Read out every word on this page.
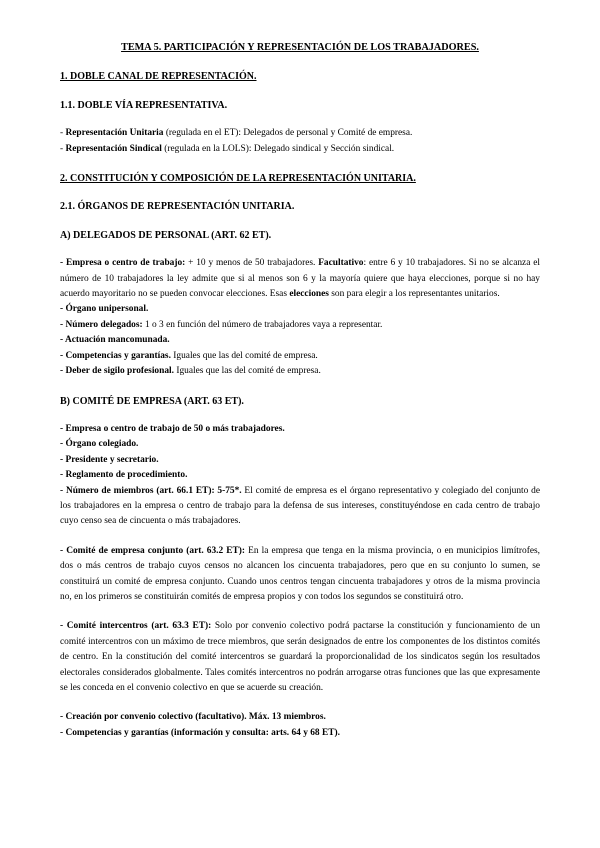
TEMA 5. PARTICIPACIÓN Y REPRESENTACIÓN DE LOS TRABAJADORES.

1. DOBLE CANAL DE REPRESENTACIÓN.

1.1. DOBLE VÍA REPRESENTATIVA.

- Representación Unitaria (regulada en el ET): Delegados de personal y Comité de empresa.

- Representación Sindical (regulada en la LOLS): Delegado sindical y Sección sindical.

2. CONSTITUCIÓN Y COMPOSICIÓN DE LA REPRESENTACIÓN UNITARIA.

2.1. ÓRGANOS DE REPRESENTACIÓN UNITARIA.

A) DELEGADOS DE PERSONAL (ART. 62 ET).

- Empresa o centro de trabajo: + 10 y menos de 50 trabajadores. Facultativo: entre 6 y 10 trabajadores. Si no se alcanza el número de 10 trabajadores la ley admite que si al menos son 6 y la mayoría quiere que haya elecciones, porque si no hay acuerdo mayoritario no se pueden convocar elecciones. Esas elecciones son para elegir a los representantes unitarios.

- Órgano unipersonal.

- Número delegados: 1 o 3 en función del número de trabajadores vaya a representar.

- Actuación mancomunada.

- Competencias y garantías. Iguales que las del comité de empresa.

- Deber de sigilo profesional. Iguales que las del comité de empresa.

B) COMITÉ DE EMPRESA (ART. 63 ET).

- Empresa o centro de trabajo de 50 o más trabajadores.

- Órgano colegiado.

- Presidente y secretario.

- Reglamento de procedimiento.

- Número de miembros (art. 66.1 ET): 5-75*. El comité de empresa es el órgano representativo y colegiado del conjunto de los trabajadores en la empresa o centro de trabajo para la defensa de sus intereses, constituyéndose en cada centro de trabajo cuyo censo sea de cincuenta o más trabajadores.

- Comité de empresa conjunto (art. 63.2 ET): En la empresa que tenga en la misma provincia, o en municipios limítrofes, dos o más centros de trabajo cuyos censos no alcancen los cincuenta trabajadores, pero que en su conjunto lo sumen, se constituirá un comité de empresa conjunto. Cuando unos centros tengan cincuenta trabajadores y otros de la misma provincia no, en los primeros se constituirán comités de empresa propios y con todos los segundos se constituirá otro.

- Comité intercentros (art. 63.3 ET): Solo por convenio colectivo podrá pactarse la constitución y funcionamiento de un comité intercentros con un máximo de trece miembros, que serán designados de entre los componentes de los distintos comités de centro. En la constitución del comité intercentros se guardará la proporcionalidad de los sindicatos según los resultados electorales considerados globalmente. Tales comités intercentros no podrán arrogarse otras funciones que las que expresamente se les conceda en el convenio colectivo en que se acuerde su creación.

- Creación por convenio colectivo (facultativo). Máx. 13 miembros.

- Competencias y garantías (información y consulta: arts. 64 y 68 ET).
